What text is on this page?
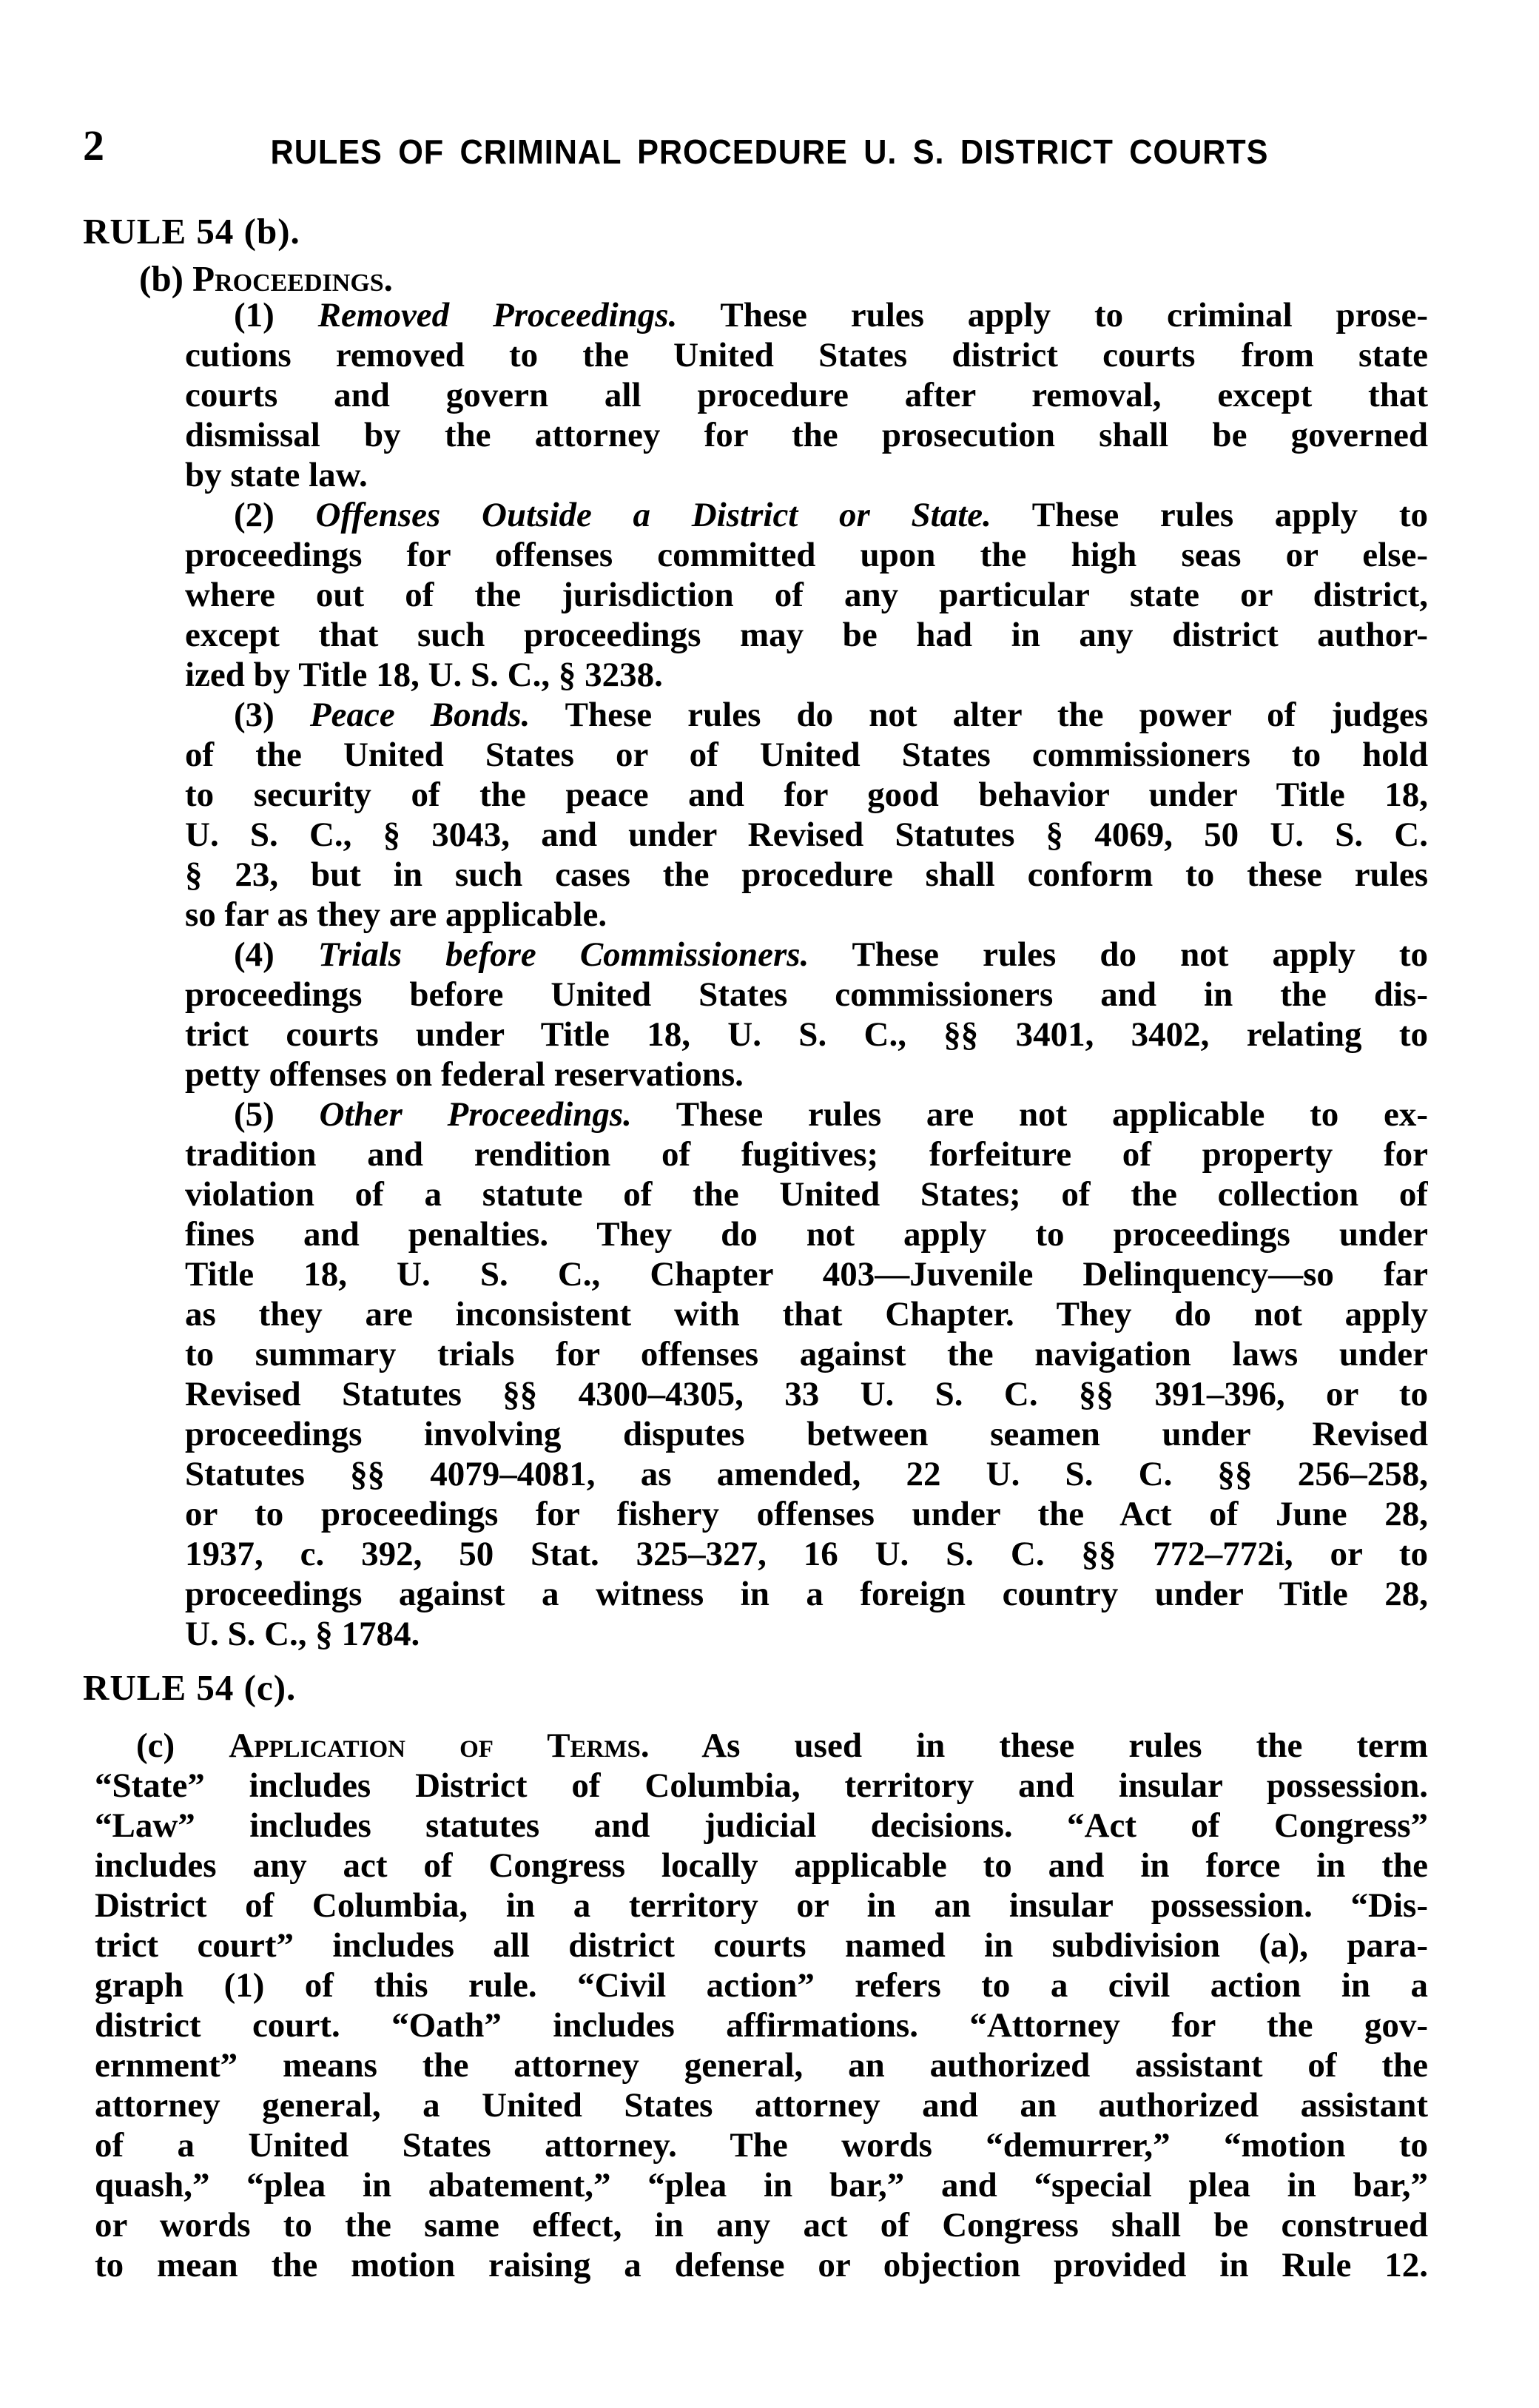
2	RULES OF CRIMINAL PROCEDURE U. S. DISTRICT COURTS
RULE 54 (b).
(b) Proceedings.
(1) Removed Proceedings. These rules apply to criminal prose-
cutions removed to the United States district courts from state
courts and govern all procedure after removal, except that
dismissal by the attorney for the prosecution shall be governed
by state law.
(2) Offenses Outside a District or State. These rules apply to
proceedings for offenses committed upon the high seas or else-
where out of the jurisdiction of any particular state or district,
except that such proceedings may be had in any district author-
ized by Title 18, U. S. C., § 3238.
(3) Peace Bonds. These rules do not alter the power of judges
of the United States or of United States commissioners to hold
to security of the peace and for good behavior under Title 18,
U. S. C., § 3043, and under Revised Statutes § 4069, 50 U. S. C.
§ 23, but in such cases the procedure shall conform to these rules
so far as they are applicable.
(4) Trials before Commissioners. These rules do not apply to
proceedings before United States commissioners and in the dis-
trict courts under Title 18, U. S. C., §§ 3401, 3402, relating to
petty offenses on federal reservations.
(5) Other Proceedings. These rules are not applicable to ex-
tradition and rendition of fugitives; forfeiture of property for
violation of a statute of the United States; of the collection of
fines and penalties. They do not apply to proceedings under
Title 18, U. S. C., Chapter 403—Juvenile Delinquency—so far
as they are inconsistent with that Chapter. They do not apply
to summary trials for offenses against the navigation laws under
Revised Statutes §§ 4300–4305, 33 U. S. C. §§ 391–396, or to
proceedings involving disputes between seamen under Revised
Statutes §§ 4079–4081, as amended, 22 U. S. C. §§ 256–258,
or to proceedings for fishery offenses under the Act of June 28,
1937, c. 392, 50 Stat. 325–327, 16 U. S. C. §§ 772–772i, or to
proceedings against a witness in a foreign country under Title 28,
U. S. C., § 1784.
RULE 54 (c).
(c) Application of Terms. As used in these rules the term
“State” includes District of Columbia, territory and insular possession.
“Law” includes statutes and judicial decisions. “Act of Congress”
includes any act of Congress locally applicable to and in force in the
District of Columbia, in a territory or in an insular possession. “Dis-
trict court” includes all district courts named in subdivision (a), para-
graph (1) of this rule. “Civil action” refers to a civil action in a
district court. “Oath” includes affirmations. “Attorney for the gov-
ernment” means the attorney general, an authorized assistant of the
attorney general, a United States attorney and an authorized assistant
of a United States attorney. The words “demurrer,” “motion to
quash,” “plea in abatement,” “plea in bar,” and “special plea in bar,”
or words to the same effect, in any act of Congress shall be construed
to mean the motion raising a defense or objection provided in Rule 12.
